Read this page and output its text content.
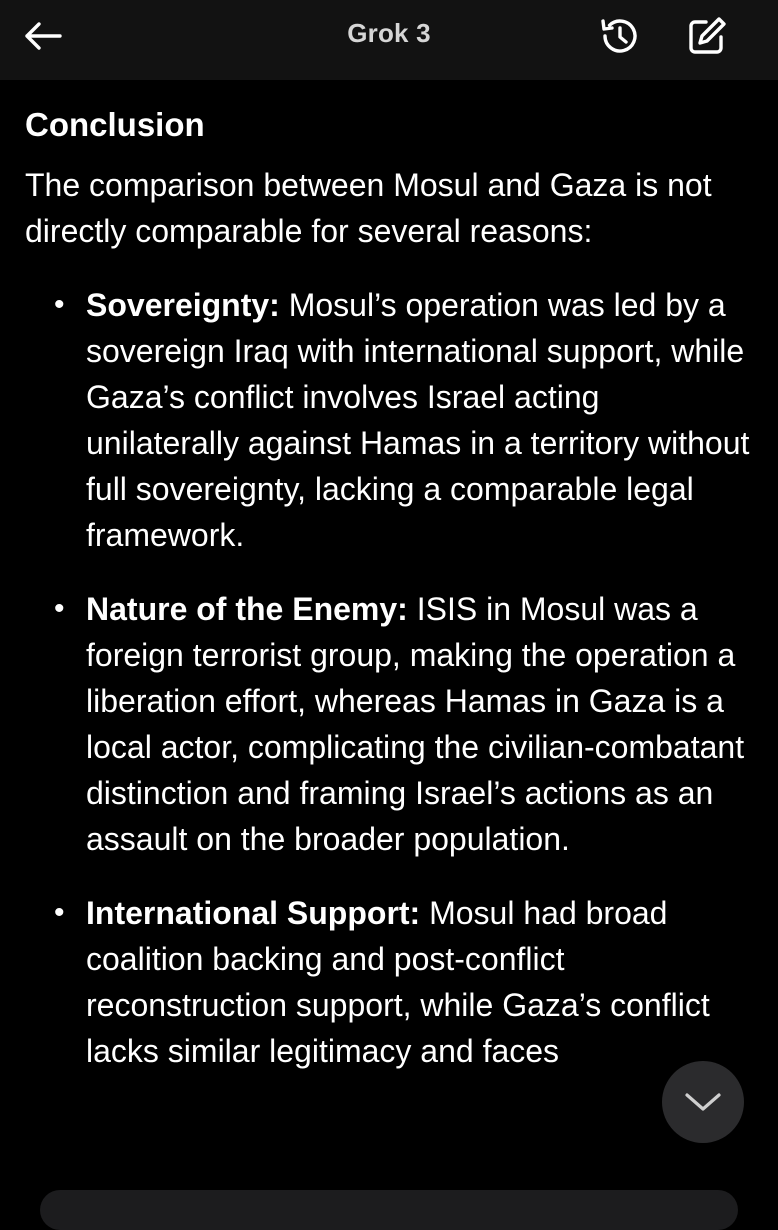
Grok 3
Conclusion

The comparison between Mosul and Gaza is not directly comparable for several reasons:

• Sovereignty: Mosul’s operation was led by a sovereign Iraq with international support, while Gaza’s conflict involves Israel acting unilaterally against Hamas in a territory without full sovereignty, lacking a comparable legal framework.
• Nature of the Enemy: ISIS in Mosul was a foreign terrorist group, making the operation a liberation effort, whereas Hamas in Gaza is a local actor, complicating the civilian-combatant distinction and framing Israel’s actions as an assault on the broader population.
• International Support: Mosul had broad coalition backing and post-conflict reconstruction support, while Gaza’s conflict lacks similar legitimacy and faces
